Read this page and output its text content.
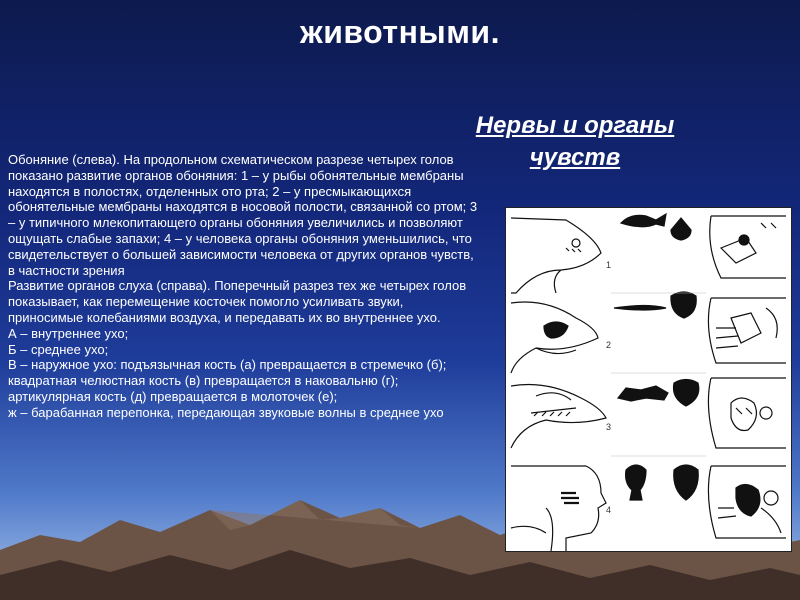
животными.
Нервы и органы чувств

Обоняние (слева). На продольном схематическом разрезе четырех голов показано развитие органов обоняния: 1 – у рыбы обонятельные мембраны находятся в полостях, отделенных ото рта; 2 – у пресмыкающихся обонятельные мембраны находятся в носовой полости, связанной со ртом; 3 – у типичного млекопитающего органы обоняния увеличились и позволяют ощущать слабые запахи; 4 – у человека органы обоняния уменьшились, что свидетельствует о большей зависимости человека от других органов чувств, в частности зрения

Развитие органов слуха (справа). Поперечный разрез тех же четырех голов показывает, как перемещение косточек помогло усиливать звуки, приносимые колебаниями воздуха, и передавать их во внутреннее ухо.

А – внутреннее ухо;

Б – среднее ухо;

В – наружное ухо: подъязычная кость (а) превращается в стремечко (б); квадратная челюстная кость (в) превращается в наковальню (г); артикулярная кость (д) превращается в молоточек (е);

ж – барабанная перепонка, передающая звуковые волны в среднее ухо

1
2
3
4
